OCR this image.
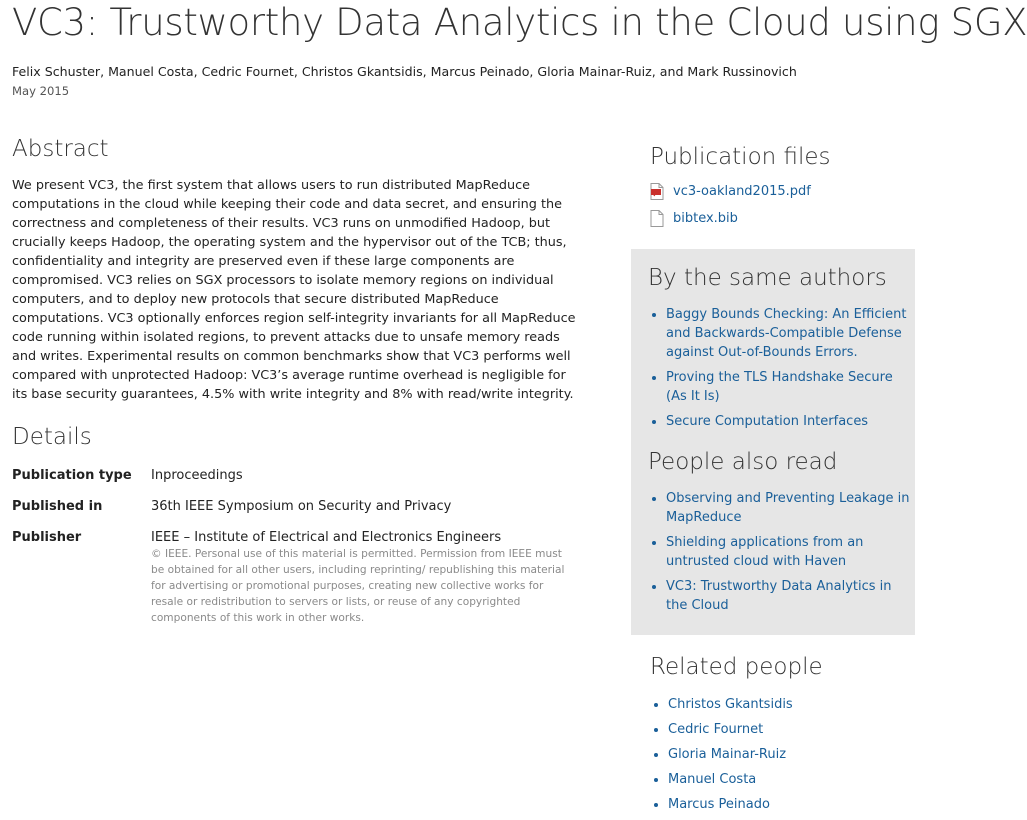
VC3: Trustworthy Data Analytics in the Cloud using SGX
Felix Schuster, Manuel Costa, Cedric Fournet, Christos Gkantsidis, Marcus Peinado, Gloria Mainar-Ruiz, and Mark Russinovich
May 2015
Abstract

We present VC3, the first system that allows users to run distributed MapReduce computations in the cloud while keeping their code and data secret, and ensuring the correctness and completeness of their results. VC3 runs on unmodified Hadoop, but crucially keeps Hadoop, the operating system and the hypervisor out of the TCB; thus, confidentiality and integrity are preserved even if these large components are compromised. VC3 relies on SGX processors to isolate memory regions on individual computers, and to deploy new protocols that secure distributed MapReduce computations. VC3 optionally enforces region self-integrity invariants for all MapReduce code running within isolated regions, to prevent attacks due to unsafe memory reads and writes. Experimental results on common benchmarks show that VC3 performs well compared with unprotected Hadoop: VC3’s average runtime overhead is negligible for its base security guarantees, 4.5% with write integrity and 8% with read/write integrity.

Details
Publication type	Inproceedings
Published in	36th IEEE Symposium on Security and Privacy
Publisher	IEEE – Institute of Electrical and Electronics Engineers
© IEEE. Personal use of this material is permitted. Permission from IEEE must be obtained for all other users, including reprinting/ republishing this material for advertising or promotional purposes, creating new collective works for resale or redistribution to servers or lists, or reuse of any copyrighted components of this work in other works.
Publication files
vc3-oakland2015.pdf
bibtex.bib
By the same authors
• Baggy Bounds Checking: An Efficient and Backwards-Compatible Defense against Out-of-Bounds Errors.
• Proving the TLS Handshake Secure (As It Is)
• Secure Computation Interfaces
People also read
• Observing and Preventing Leakage in MapReduce
• Shielding applications from an untrusted cloud with Haven
• VC3: Trustworthy Data Analytics in the Cloud
Related people
• Christos Gkantsidis
• Cedric Fournet
• Gloria Mainar-Ruiz
• Manuel Costa
• Marcus Peinado
